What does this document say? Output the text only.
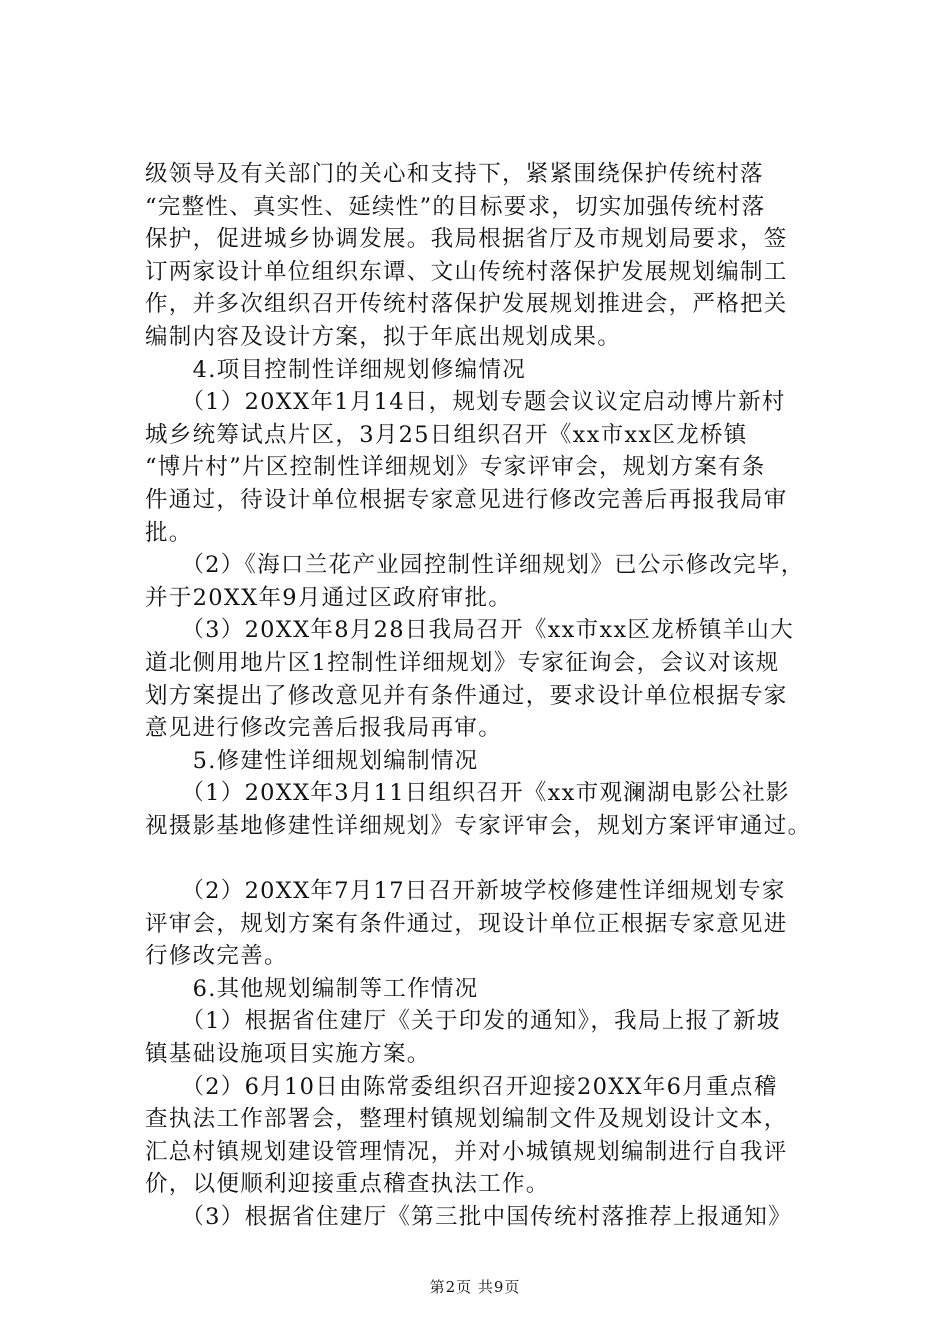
级领导及有关部门的关心和支持下，紧紧围绕保护传统村落
“完整性、真实性、延续性”的目标要求，切实加强传统村落
保护，促进城乡协调发展。我局根据省厅及市规划局要求，签
订两家设计单位组织东谭、文山传统村落保护发展规划编制工
作，并多次组织召开传统村落保护发展规划推进会，严格把关
编制内容及设计方案，拟于年底出规划成果。
　　4.项目控制性详细规划修编情况
　　（1）20XX年1月14日，规划专题会议议定启动博片新村
城乡统筹试点片区，3月25日组织召开《xx市xx区龙桥镇
“博片村”片区控制性详细规划》专家评审会，规划方案有条
件通过，待设计单位根据专家意见进行修改完善后再报我局审
批。
　　（2）《海口兰花产业园控制性详细规划》已公示修改完毕，
并于20XX年9月通过区政府审批。
　　（3）20XX年8月28日我局召开《xx市xx区龙桥镇羊山大
道北侧用地片区1控制性详细规划》专家征询会，会议对该规
划方案提出了修改意见并有条件通过，要求设计单位根据专家
意见进行修改完善后报我局再审。
　　5.修建性详细规划编制情况
　　（1）20XX年3月11日组织召开《xx市观澜湖电影公社影
视摄影基地修建性详细规划》专家评审会，规划方案评审通过。
　　（2）20XX年7月17日召开新坡学校修建性详细规划专家
评审会，规划方案有条件通过，现设计单位正根据专家意见进
行修改完善。
　　6.其他规划编制等工作情况
　　（1）根据省住建厅《关于印发的通知》，我局上报了新坡
镇基础设施项目实施方案。
　　（2）6月10日由陈常委组织召开迎接20XX年6月重点稽
查执法工作部署会，整理村镇规划编制文件及规划设计文本，
汇总村镇规划建设管理情况，并对小城镇规划编制进行自我评
价，以便顺利迎接重点稽查执法工作。
　　（3）根据省住建厅《第三批中国传统村落推荐上报通知》
第2页 共9页
